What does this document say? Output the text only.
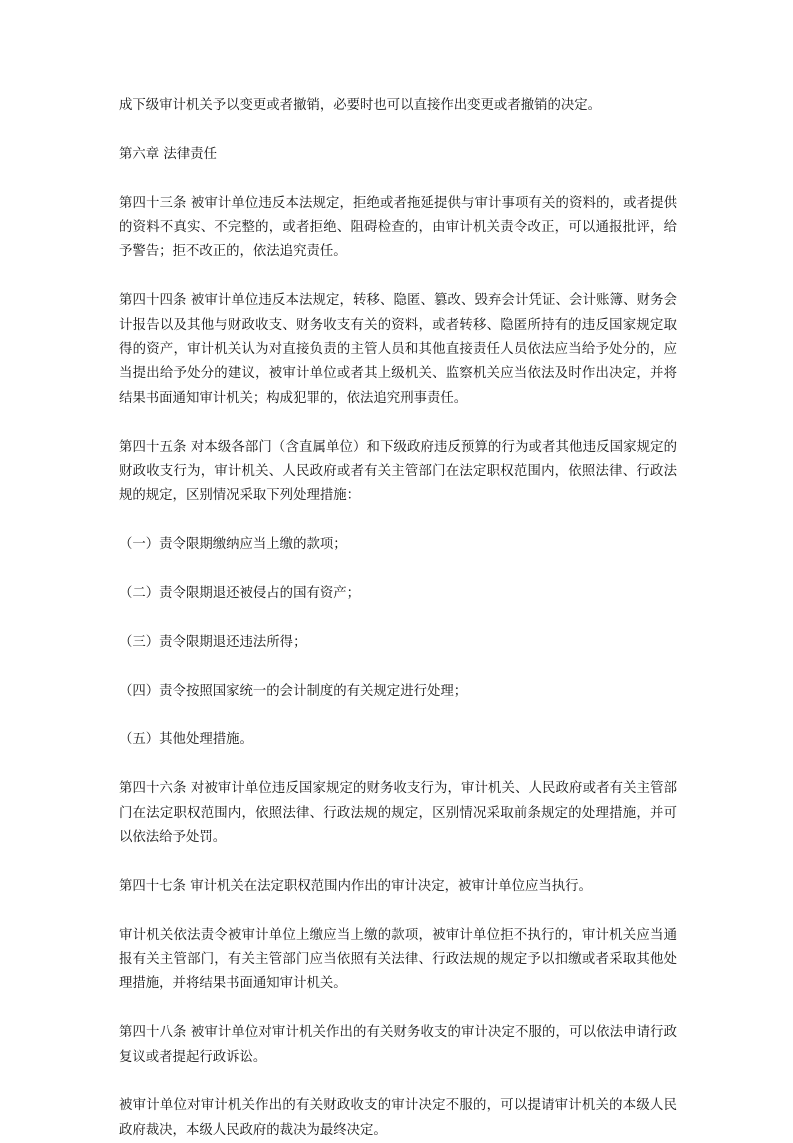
成下级审计机关予以变更或者撤销，必要时也可以直接作出变更或者撤销的决定。

第六章 法律责任

第四十三条 被审计单位违反本法规定，拒绝或者拖延提供与审计事项有关的资料的，或者提供的资料不真实、不完整的，或者拒绝、阻碍检查的，由审计机关责令改正，可以通报批评，给予警告；拒不改正的，依法追究责任。

第四十四条 被审计单位违反本法规定，转移、隐匿、篡改、毁弃会计凭证、会计账簿、财务会计报告以及其他与财政收支、财务收支有关的资料，或者转移、隐匿所持有的违反国家规定取得的资产，审计机关认为对直接负责的主管人员和其他直接责任人员依法应当给予处分的，应当提出给予处分的建议，被审计单位或者其上级机关、监察机关应当依法及时作出决定，并将结果书面通知审计机关；构成犯罪的，依法追究刑事责任。

第四十五条 对本级各部门（含直属单位）和下级政府违反预算的行为或者其他违反国家规定的财政收支行为，审计机关、人民政府或者有关主管部门在法定职权范围内，依照法律、行政法规的规定，区别情况采取下列处理措施：

（一）责令限期缴纳应当上缴的款项；

（二）责令限期退还被侵占的国有资产；

（三）责令限期退还违法所得；

（四）责令按照国家统一的会计制度的有关规定进行处理；

（五）其他处理措施。

第四十六条 对被审计单位违反国家规定的财务收支行为，审计机关、人民政府或者有关主管部门在法定职权范围内，依照法律、行政法规的规定，区别情况采取前条规定的处理措施，并可以依法给予处罚。

第四十七条 审计机关在法定职权范围内作出的审计决定，被审计单位应当执行。

审计机关依法责令被审计单位上缴应当上缴的款项，被审计单位拒不执行的，审计机关应当通报有关主管部门，有关主管部门应当依照有关法律、行政法规的规定予以扣缴或者采取其他处理措施，并将结果书面通知审计机关。

第四十八条 被审计单位对审计机关作出的有关财务收支的审计决定不服的，可以依法申请行政复议或者提起行政诉讼。

被审计单位对审计机关作出的有关财政收支的审计决定不服的，可以提请审计机关的本级人民政府裁决，本级人民政府的裁决为最终决定。
